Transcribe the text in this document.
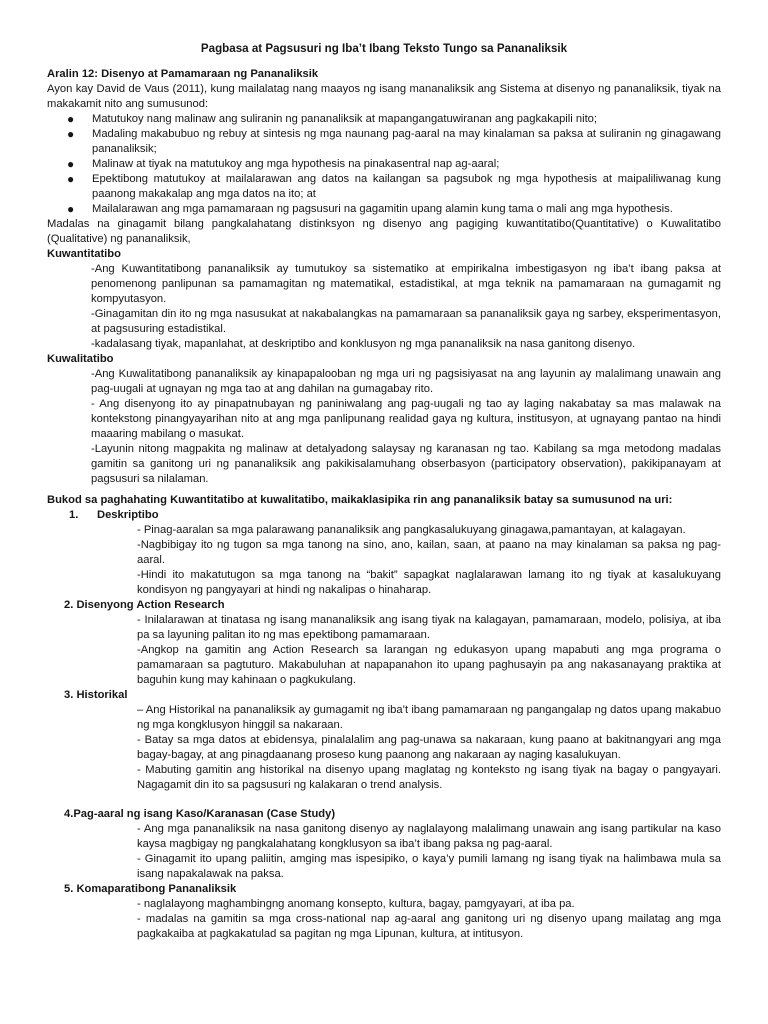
Pagbasa at Pagsusuri ng Iba’t Ibang Teksto Tungo sa Pananaliksik
Aralin 12: Disenyo at Pamamaraan ng Pananaliksik

Ayon kay David de Vaus (2011), kung mailalatag nang maayos ng isang mananaliksik ang Sistema at disenyo ng pananaliksik, tiyak na makakamit nito ang sumusunod:

● Matutukoy nang malinaw ang suliranin ng pananaliksik at mapangangatuwiranan ang pagkakapili nito;
● Madaling makabubuo ng rebuy at sintesis ng mga naunang pag-aaral na may kinalaman sa paksa at suliranin ng ginagawang pananaliksik;
● Malinaw at tiyak na matutukoy ang mga hypothesis na pinakasentral nap ag-aaral;
● Epektibong matutukoy at mailalarawan ang datos na kailangan sa pagsubok ng mga hypothesis at maipaliliwanag kung paanong makakalap ang mga datos na ito; at
● Mailalarawan ang mga pamamaraan ng pagsusuri na gagamitin upang alamin kung tama o mali ang mga hypothesis.

Madalas na ginagamit bilang pangkalahatang distinksyon ng disenyo ang pagiging kuwantitatibo(Quantitative) o Kuwalitatibo (Qualitative) ng pananaliksik,

Kuwantitatibo

-Ang Kuwantitatibong pananaliksik ay tumutukoy sa sistematiko at empirikalna imbestigasyon ng iba’t ibang paksa at penomenong panlipunan sa pamamagitan ng matematikal, estadistikal, at mga teknik na pamamaraan na gumagamit ng kompyutasyon.

-Ginagamitan din ito ng mga nasusukat at nakabalangkas na pamamaraan sa pananaliksik gaya ng sarbey, eksperimentasyon, at pagsusuring estadistikal.

-kadalasang tiyak, mapanlahat, at deskriptibo and konklusyon ng mga pananaliksik na nasa ganitong disenyo.

Kuwalitatibo

-Ang Kuwalitatibong pananaliksik ay kinapapalooban ng mga uri ng pagsisiyasat na ang layunin ay malalimang unawain ang pag-uugali at ugnayan ng mga tao at ang dahilan na gumagabay rito.

- Ang disenyong ito ay pinapatnubayan ng paniniwalang ang pag-uugali ng tao ay laging nakabatay sa mas malawak na kontekstong pinangyayarihan nito at ang mga panlipunang realidad gaya ng kultura, institusyon, at ugnayang pantao na hindi maaaring mabilang o masukat.

-Layunin nitong magpakita ng malinaw at detalyadong salaysay ng karanasan ng tao. Kabilang sa mga metodong madalas gamitin sa ganitong uri ng pananaliksik ang pakikisalamuhang obserbasyon (participatory observation), pakikipanayam at pagsusuri sa nilalaman.

Bukod sa paghahating Kuwantitatibo at kuwalitatibo, maikaklasipika rin ang pananaliksik batay sa sumusunod na uri:
1. Deskriptibo

- Pinag-aaralan sa mga palarawang pananaliksik ang pangkasalukuyang ginagawa,pamantayan, at kalagayan.

-Nagbibigay ito ng tugon sa mga tanong na sino, ano, kailan, saan, at paano na may kinalaman sa paksa ng pag-aaral.

-Hindi ito makatutugon sa mga tanong na “bakit” sapagkat naglalarawan lamang ito ng tiyak at kasalukuyang kondisyon ng pangyayari at hindi ng nakalipas o hinaharap.

2. Disenyong Action Research

- Inilalarawan at tinatasa ng isang mananaliksik ang isang tiyak na kalagayan, pamamaraan, modelo, polisiya, at iba pa sa layuning palitan ito ng mas epektibong pamamaraan.

-Angkop na gamitin ang Action Research sa larangan ng edukasyon upang mapabuti ang mga programa o pamamaraan sa pagtuturo. Makabuluhan at napapanahon ito upang paghusayin pa ang nakasanayang praktika at baguhin kung may kahinaan o pagkukulang.

3. Historikal

– Ang Historikal na pananaliksik ay gumagamit ng iba’t ibang pamamaraan ng pangangalap ng datos upang makabuo ng mga kongklusyon hinggil sa nakaraan.

- Batay sa mga datos at ebidensya, pinalalalim ang pag-unawa sa nakaraan, kung paano at bakitnangyari ang mga bagay-bagay, at ang pinagdaanang proseso kung paanong ang nakaraan ay naging kasalukuyan.

- Mabuting gamitin ang historikal na disenyo upang maglatag ng konteksto ng isang tiyak na bagay o pangyayari. Nagagamit din ito sa pagsusuri ng kalakaran o trend analysis.

4.Pag-aaral ng isang Kaso/Karanasan (Case Study)

- Ang mga pananaliksik na nasa ganitong disenyo ay naglalayong malalimang unawain ang isang partikular na kaso kaysa magbigay ng pangkalahatang kongklusyon sa iba’t ibang paksa ng pag-aaral.

- Ginagamit ito upang paliitin, amging mas ispesipiko, o kaya’y pumili lamang ng isang tiyak na halimbawa mula sa isang napakalawak na paksa.

5. Komaparatibong Pananaliksik

- naglalayong maghambingng anomang konsepto, kultura, bagay, pamgyayari, at iba pa.

- madalas na gamitin sa mga cross-national nap ag-aaral ang ganitong uri ng disenyo upang mailatag ang mga pagkakaiba at pagkakatulad sa pagitan ng mga Lipunan, kultura, at intitusyon.
